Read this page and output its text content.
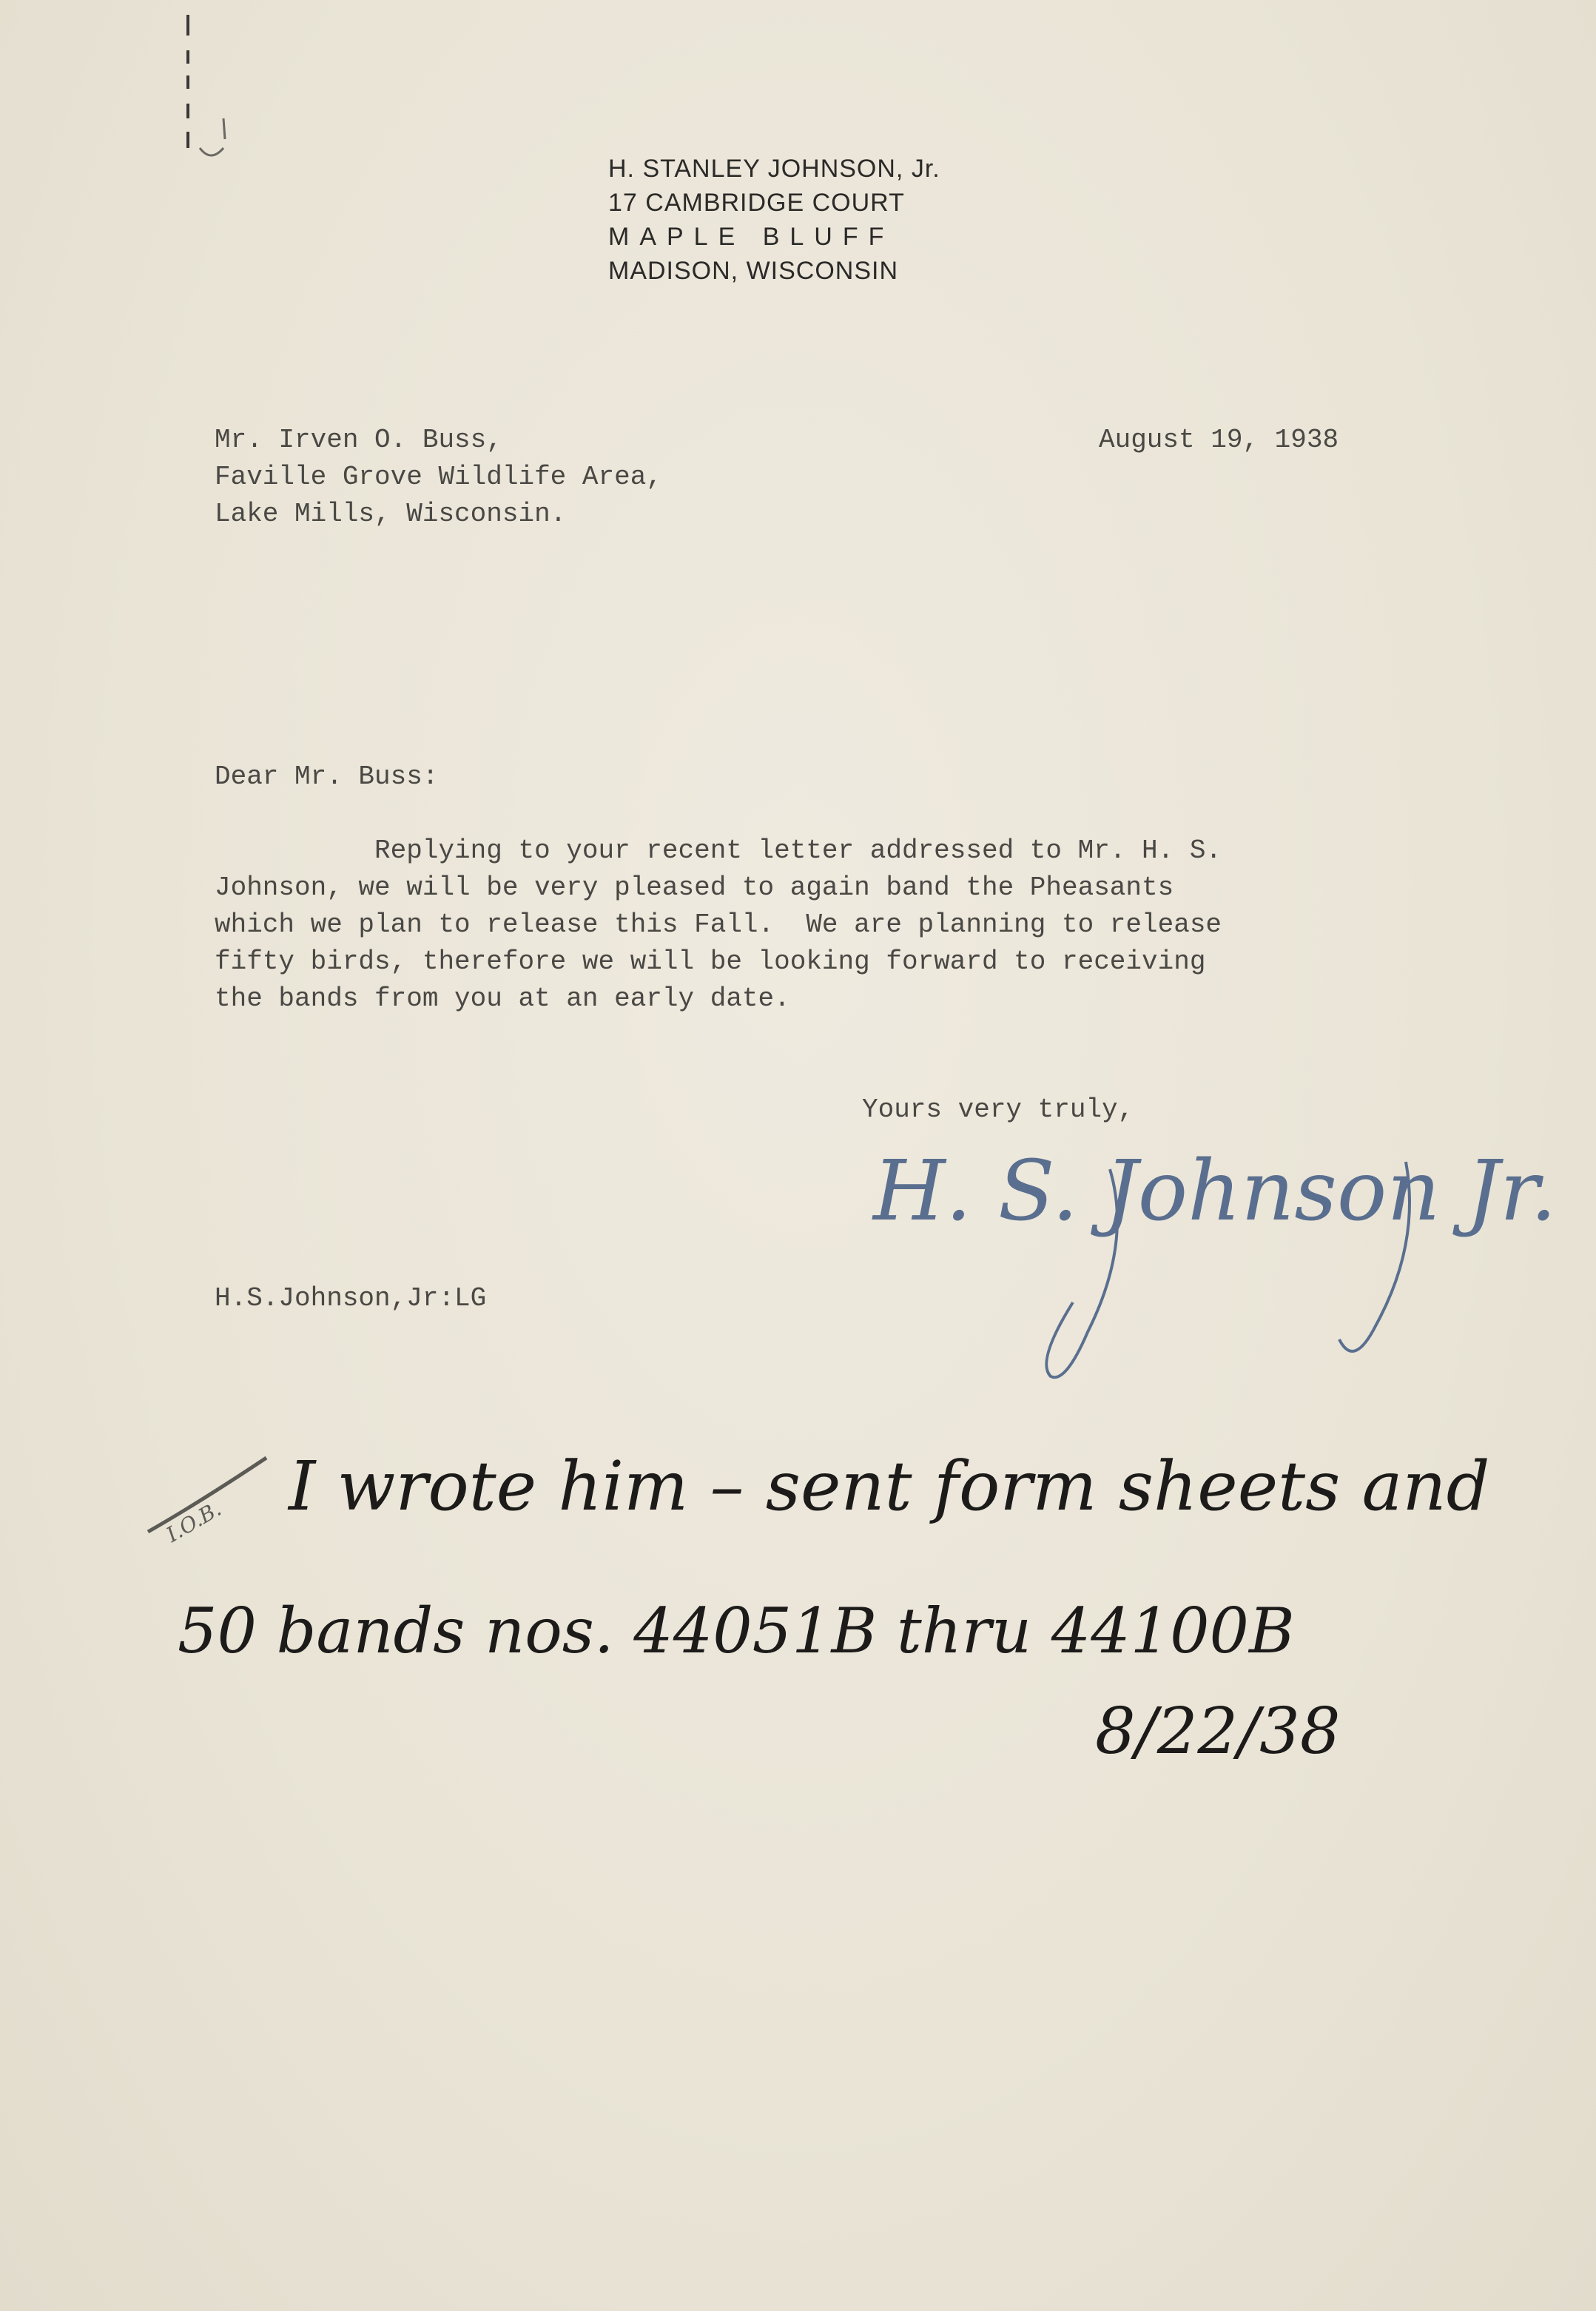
H. STANLEY JOHNSON, Jr.
17 CAMBRIDGE COURT
MAPLE BLUFF
MADISON, WISCONSIN
Mr. Irven O. Buss,
Faville Grove Wildlife Area,
Lake Mills, Wisconsin.
August 19, 1938
Dear Mr. Buss:
Replying to your recent letter addressed to Mr. H. S.
Johnson, we will be very pleased to again band the Pheasants
which we plan to release this Fall.  We are planning to release
fifty birds, therefore we will be looking forward to receiving
the bands from you at an early date.
Yours very truly,
H. S. Johnson Jr.
H.S.Johnson,Jr:LG
I.O.B. I wrote him – sent form sheets and
50 bands nos. 44051B thru 44100B
8/22/38
